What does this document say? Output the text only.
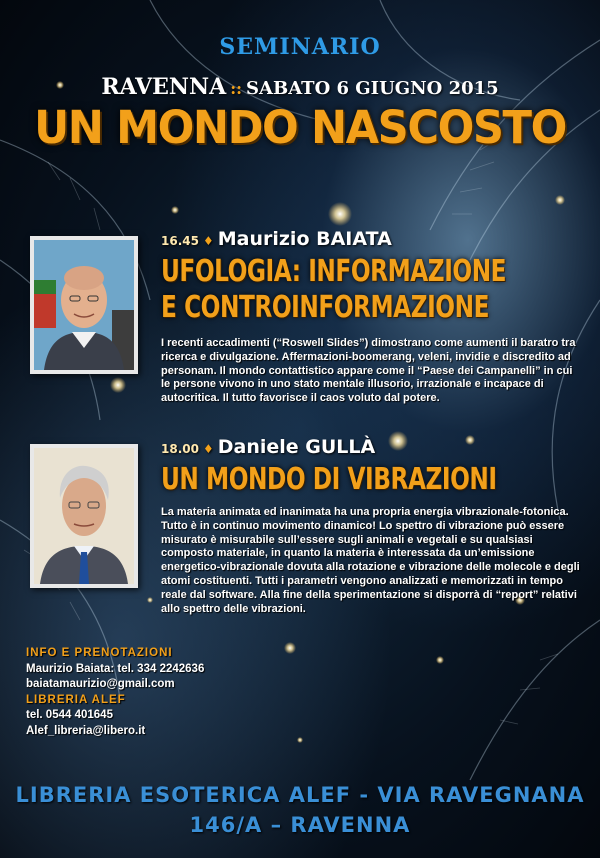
SEMINARIO
RAVENNA :: SABATO 6 GIUGNO 2015
UN MONDO NASCOSTO
16.45 ♦ Maurizio BAIATA
UFOLOGIA: INFORMAZIONE
E CONTROINFORMAZIONE

I recenti accadimenti (“Roswell Slides”) dimostrano come aumenti il baratro tra ricerca e divulgazione. Affermazioni-boomerang, veleni, invidie e discredito ad personam. Il mondo contattistico appare come il “Paese dei Campanelli” in cui le persone vivono in uno stato mentale illusorio, irrazionale e incapace di autocritica. Il tutto favorisce il caos voluto dal potere.

18.00 ♦ Daniele GULLÀ
UN MONDO DI VIBRAZIONI

La materia animata ed inanimata ha una propria energia vibrazionale-fotonica. Tutto è in continuo movimento dinamico! Lo spettro di vibrazione può essere misurato è misurabile sull’essere sugli animali e vegetali e su qualsiasi composto materiale, in quanto la materia è interessata da un’emissione energetico-vibrazionale dovuta alla rotazione e vibrazione delle molecole e degli atomi costituenti. Tutti i parametri vengono analizzati e memorizzati in tempo reale dal software. Alla fine della sperimentazione si disporrà di “report” relativi allo spettro delle vibrazioni.

INFO E PRENOTAZIONI
Maurizio Baiata: tel. 334 2242636
baiatamaurizio@gmail.com
LIBRERIA ALEF
tel. 0544 401645
Alef_libreria@libero.it
LIBRERIA ESOTERICA ALEF - VIA RAVEGNANA
146/A – RAVENNA
